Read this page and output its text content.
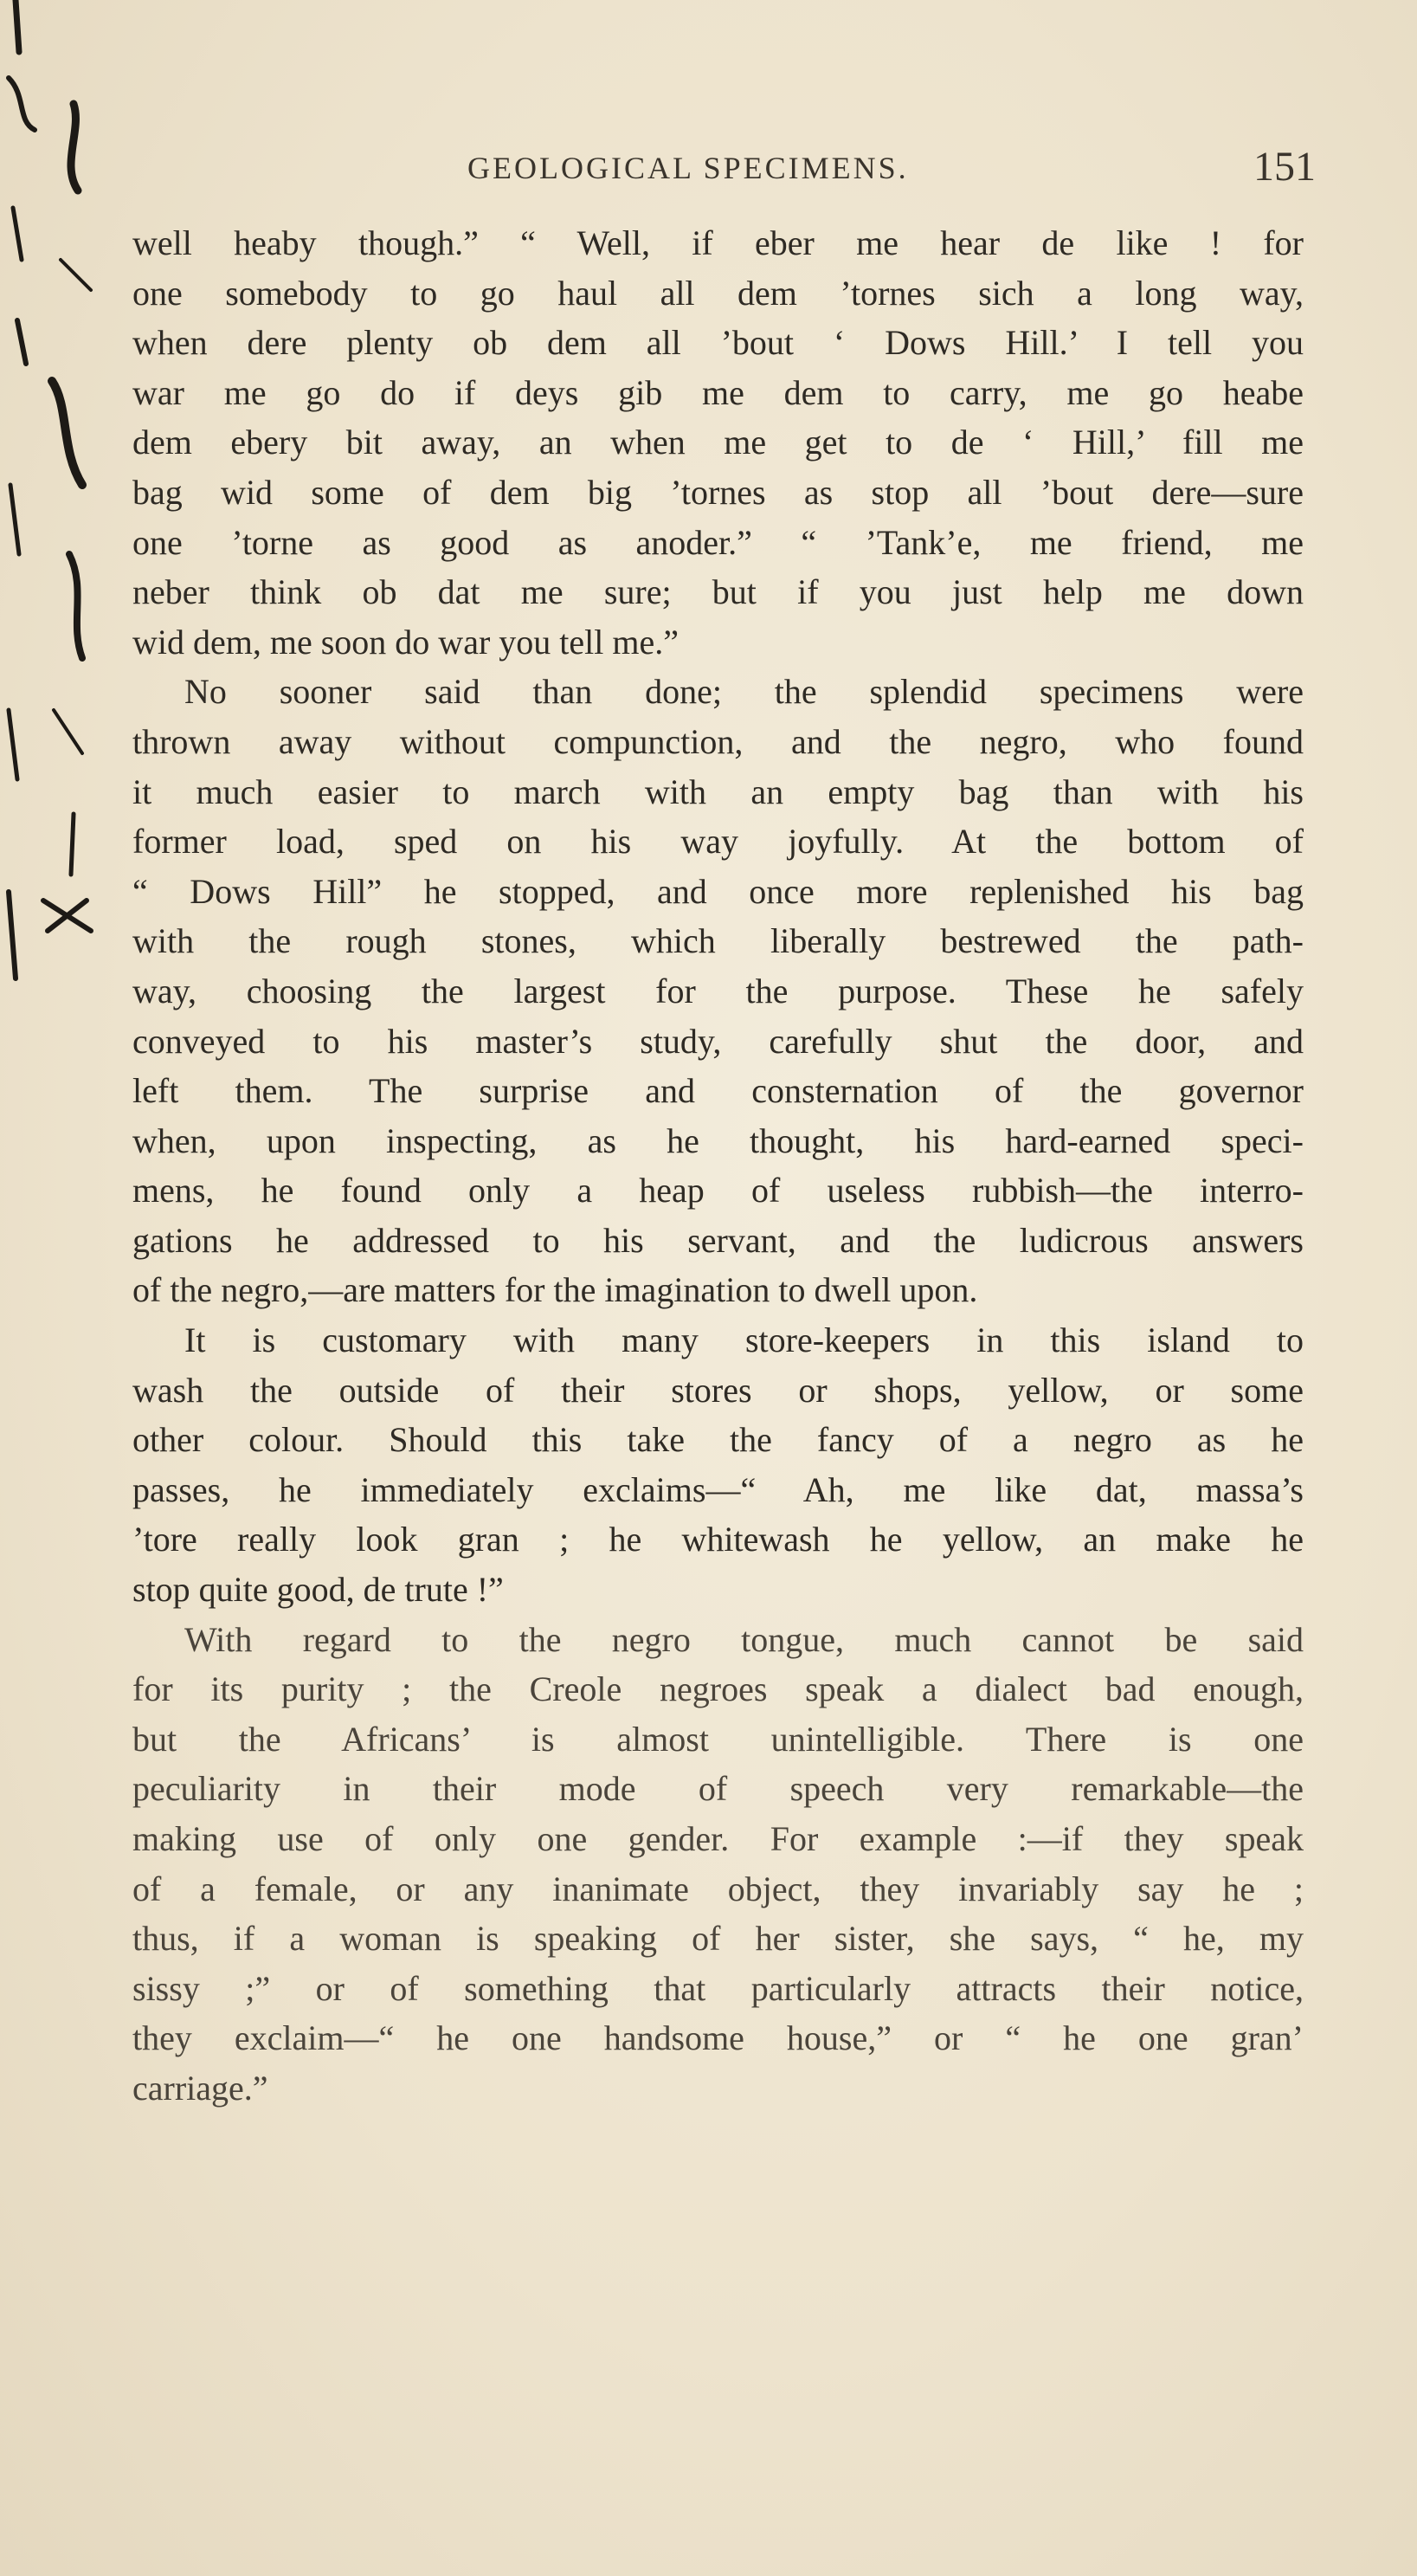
GEOLOGICAL SPECIMENS.	151
well heaby though.” “ Well, if eber me hear de like ! for
one somebody to go haul all dem ’tornes sich a long way,
when dere plenty ob dem all ’bout ‘ Dows Hill.’ I tell you
war me go do if deys gib me dem to carry, me go heabe
dem ebery bit away, an when me get to de ‘ Hill,’ fill me
bag wid some of dem big ’tornes as stop all ’bout dere—sure
one ’torne as good as anoder.” “ ’Tank’e, me friend, me
neber think ob dat me sure; but if you just help me down
wid dem, me soon do war you tell me.”
No sooner said than done; the splendid specimens were
thrown away without compunction, and the negro, who found
it much easier to march with an empty bag than with his
former load, sped on his way joyfully. At the bottom of
“ Dows Hill” he stopped, and once more replenished his bag
with the rough stones, which liberally bestrewed the path-
way, choosing the largest for the purpose. These he safely
conveyed to his master’s study, carefully shut the door, and
left them. The surprise and consternation of the governor
when, upon inspecting, as he thought, his hard-earned speci-
mens, he found only a heap of useless rubbish—the interro-
gations he addressed to his servant, and the ludicrous answers
of the negro,—are matters for the imagination to dwell upon.
It is customary with many store-keepers in this island to
wash the outside of their stores or shops, yellow, or some
other colour. Should this take the fancy of a negro as he
passes, he immediately exclaims—“ Ah, me like dat, massa’s
’tore really look gran ; he whitewash he yellow, an make he
stop quite good, de trute !”
With regard to the negro tongue, much cannot be said
for its purity ; the Creole negroes speak a dialect bad enough,
but the Africans’ is almost unintelligible. There is one
peculiarity in their mode of speech very remarkable—the
making use of only one gender. For example :—if they speak
of a female, or any inanimate object, they invariably say he ;
thus, if a woman is speaking of her sister, she says, “ he, my
sissy ;” or of something that particularly attracts their notice,
they exclaim—“ he one handsome house,” or “ he one gran’
carriage.”
